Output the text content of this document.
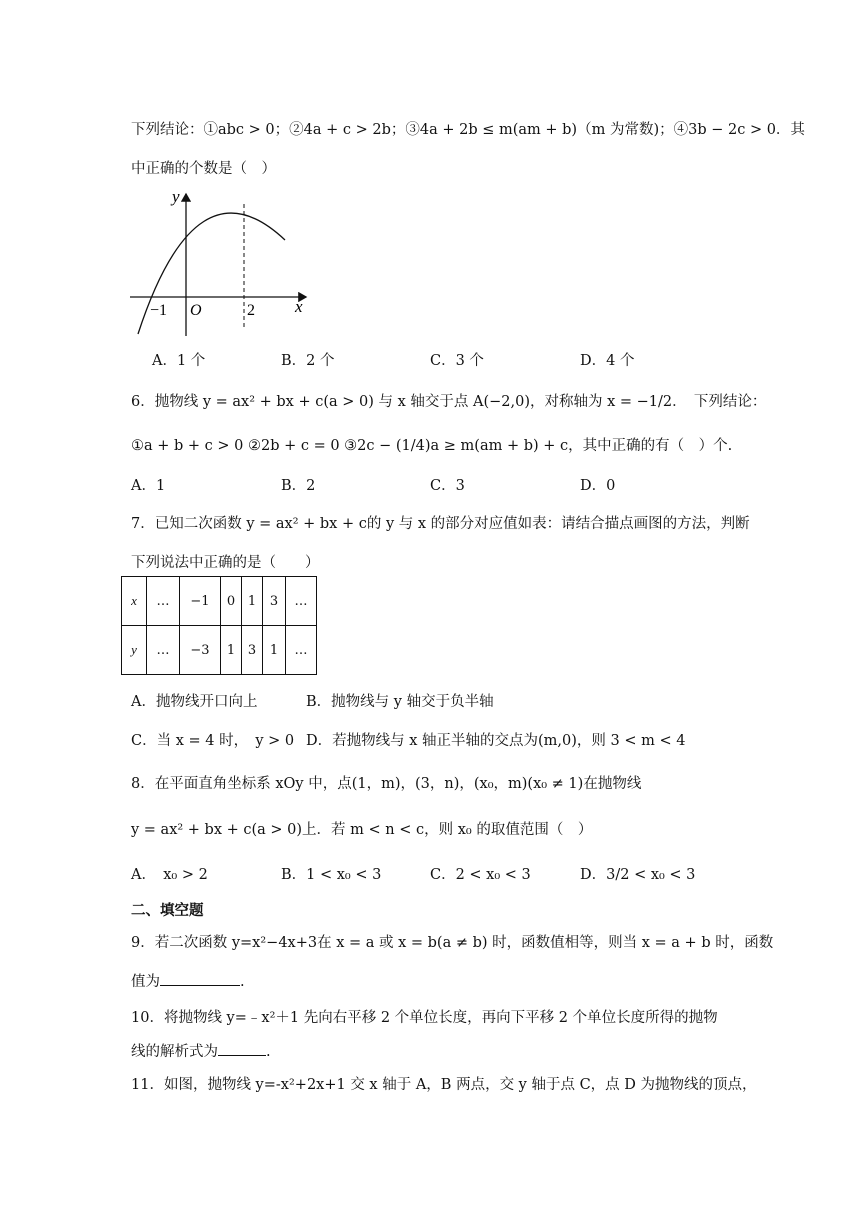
下列结论：①abc > 0；②4a + c > 2b；③4a + 2b ≤ m(am + b)（m 为常数)；④3b − 2c > 0．其
中正确的个数是（　）
y
x
O
−1	2
A．1 个	B．2 个	C．3 个	D．4 个
6．抛物线 y = ax² + bx + c(a > 0) 与 x 轴交于点 A(−2,0)，对称轴为 x = −1/2．　下列结论：
①a + b + c > 0 ②2b + c = 0 ③2c − (1/4)a ≥ m(am + b) + c，其中正确的有（　）个.
A．1	B．2	C．3	D．0
7．已知二次函数 y = ax² + bx + c的 y 与 x 的部分对应值如表：请结合描点画图的方法，判断
下列说法中正确的是（　　）
x	…	−1	0	1	3	…
y	…	−3	1	3	1	…
A．抛物线开口向上	B．抛物线与 y 轴交于负半轴
C．当 x = 4 时，　y > 0 D．若抛物线与 x 轴正半轴的交点为(m,0)，则 3 < m < 4
8．在平面直角坐标系 xOy 中，点(1，m)，(3，n)，(x₀，m)(x₀ ≠ 1)在抛物线
y = ax² + bx + c(a > 0)上．若 m < n < c，则 x₀ 的取值范围（　）
A．　x₀ > 2	B．1 < x₀ < 3	C．2 < x₀ < 3	D．3/2 < x₀ < 3
二、填空题
9．若二次函数 y=x²−4x+3在 x = a 或 x = b(a ≠ b) 时，函数值相等，则当 x = a + b 时，函数
值为	.
10．将抛物线 y=﹣x²＋1 先向右平移 2 个单位长度，再向下平移 2 个单位长度所得的抛物
线的解析式为	.
11．如图，抛物线 y=-x²+2x+1 交 x 轴于 A，B 两点，交 y 轴于点 C，点 D 为抛物线的顶点，
